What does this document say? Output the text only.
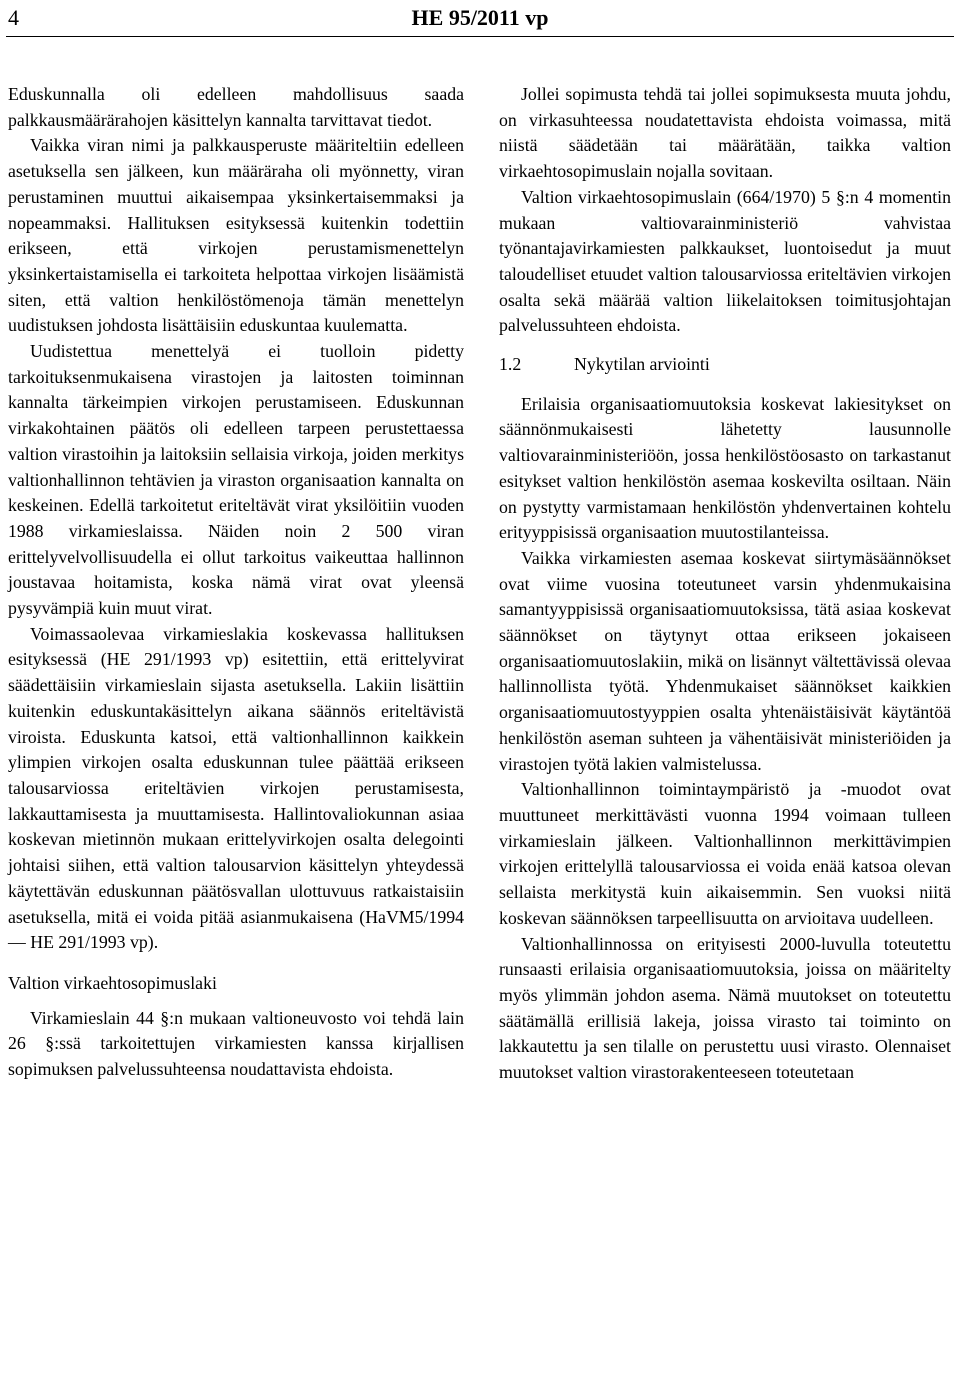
4	HE 95/2011 vp

Eduskunnalla oli edelleen mahdollisuus saada palkkausmäärärahojen käsittelyn kannalta tarvittavat tiedot.

Vaikka viran nimi ja palkkausperuste määriteltiin edelleen asetuksella sen jälkeen, kun määräraha oli myönnetty, viran perustaminen muuttui aikaisempaa yksinkertaisemmaksi ja nopeammaksi. Hallituksen esityksessä kuitenkin todettiin erikseen, että virkojen perustamismenettelyn yksinkertaistamisella ei tarkoiteta helpottaa virkojen lisäämistä siten, että valtion henkilöstömenoja tämän menettelyn uudistuksen johdosta lisättäisiin eduskuntaa kuulematta.

Uudistettua menettelyä ei tuolloin pidetty tarkoituksenmukaisena virastojen ja laitosten toiminnan kannalta tärkeimpien virkojen perustamiseen. Eduskunnan virkakohtainen päätös oli edelleen tarpeen perustettaessa valtion virastoihin ja laitoksiin sellaisia virkoja, joiden merkitys valtionhallinnon tehtävien ja viraston organisaation kannalta on keskeinen. Edellä tarkoitetut eriteltävät virat yksilöitiin vuoden 1988 virkamieslaissa. Näiden noin 2 500 viran erittelyvelvollisuudella ei ollut tarkoitus vaikeuttaa hallinnon joustavaa hoitamista, koska nämä virat ovat yleensä pysyvämpiä kuin muut virat.

Voimassaolevaa virkamieslakia koskevassa hallituksen esityksessä (HE 291/1993 vp) esitettiin, että erittelyvirat säädettäisiin virkamieslain sijasta asetuksella. Lakiin lisättiin kuitenkin eduskuntakäsittelyn aikana säännös eriteltävistä viroista. Eduskunta katsoi, että valtionhallinnon kaikkein ylimpien virkojen osalta eduskunnan tulee päättää erikseen talousarviossa eriteltävien virkojen perustamisesta, lakkauttamisesta ja muuttamisesta. Hallintovaliokunnan asiaa koskevan mietinnön mukaan erittelyvirkojen osalta delegointi johtaisi siihen, että valtion talousarvion käsittelyn yhteydessä käytettävän eduskunnan päätösvallan ulottuvuus ratkaistaisiin asetuksella, mitä ei voida pitää asianmukaisena (HaVM5/1994 — HE 291/1993 vp).

Valtion virkaehtosopimuslaki

Virkamieslain 44 §:n mukaan valtioneuvosto voi tehdä lain 26 §:ssä tarkoitettujen virkamiesten kanssa kirjallisen sopimuksen palvelussuhteensa noudattavista ehdoista.

Jollei sopimusta tehdä tai jollei sopimuksesta muuta johdu, on virkasuhteessa noudatettavista ehdoista voimassa, mitä niistä säädetään tai määrätään, taikka valtion virkaehtosopimuslain nojalla sovitaan.

Valtion virkaehtosopimuslain (664/1970) 5 §:n 4 momentin mukaan valtiovarainministeriö vahvistaa työnantajavirkamiesten palkkaukset, luontoisedut ja muut taloudelliset etuudet valtion talousarviossa eriteltävien virkojen osalta sekä määrää valtion liikelaitoksen toimitusjohtajan palvelussuhteen ehdoista.

1.2	Nykytilan arviointi

Erilaisia organisaatiomuutoksia koskevat lakiesitykset on säännönmukaisesti lähetetty lausunnolle valtiovarainministeriöön, jossa henkilöstöosasto on tarkastanut esitykset valtion henkilöstön asemaa koskevilta osiltaan. Näin on pystytty varmistamaan henkilöstön yhdenvertainen kohtelu erityyppisissä organisaation muutostilanteissa.

Vaikka virkamiesten asemaa koskevat siirtymäsäännökset ovat viime vuosina toteutuneet varsin yhdenmukaisina samantyyppisissä organisaatiomuutoksissa, tätä asiaa koskevat säännökset on täytynyt ottaa erikseen jokaiseen organisaatiomuutoslakiin, mikä on lisännyt vältettävissä olevaa hallinnollista työtä. Yhdenmukaiset säännökset kaikkien organisaatiomuutostyyppien osalta yhtenäistäisivät käytäntöä henkilöstön aseman suhteen ja vähentäisivät ministeriöiden ja virastojen työtä lakien valmistelussa.

Valtionhallinnon toimintaympäristö ja -muodot ovat muuttuneet merkittävästi vuonna 1994 voimaan tulleen virkamieslain jälkeen. Valtionhallinnon merkittävimpien virkojen erittelyllä talousarviossa ei voida enää katsoa olevan sellaista merkitystä kuin aikaisemmin. Sen vuoksi niitä koskevan säännöksen tarpeellisuutta on arvioitava uudelleen.

Valtionhallinnossa on erityisesti 2000-luvulla toteutettu runsaasti erilaisia organisaatiomuutoksia, joissa on määritelty myös ylimmän johdon asema. Nämä muutokset on toteutettu säätämällä erillisiä lakeja, joissa virasto tai toiminto on lakkautettu ja sen tilalle on perustettu uusi virasto. Olennaiset muutokset valtion virastorakenteeseen toteutetaan
